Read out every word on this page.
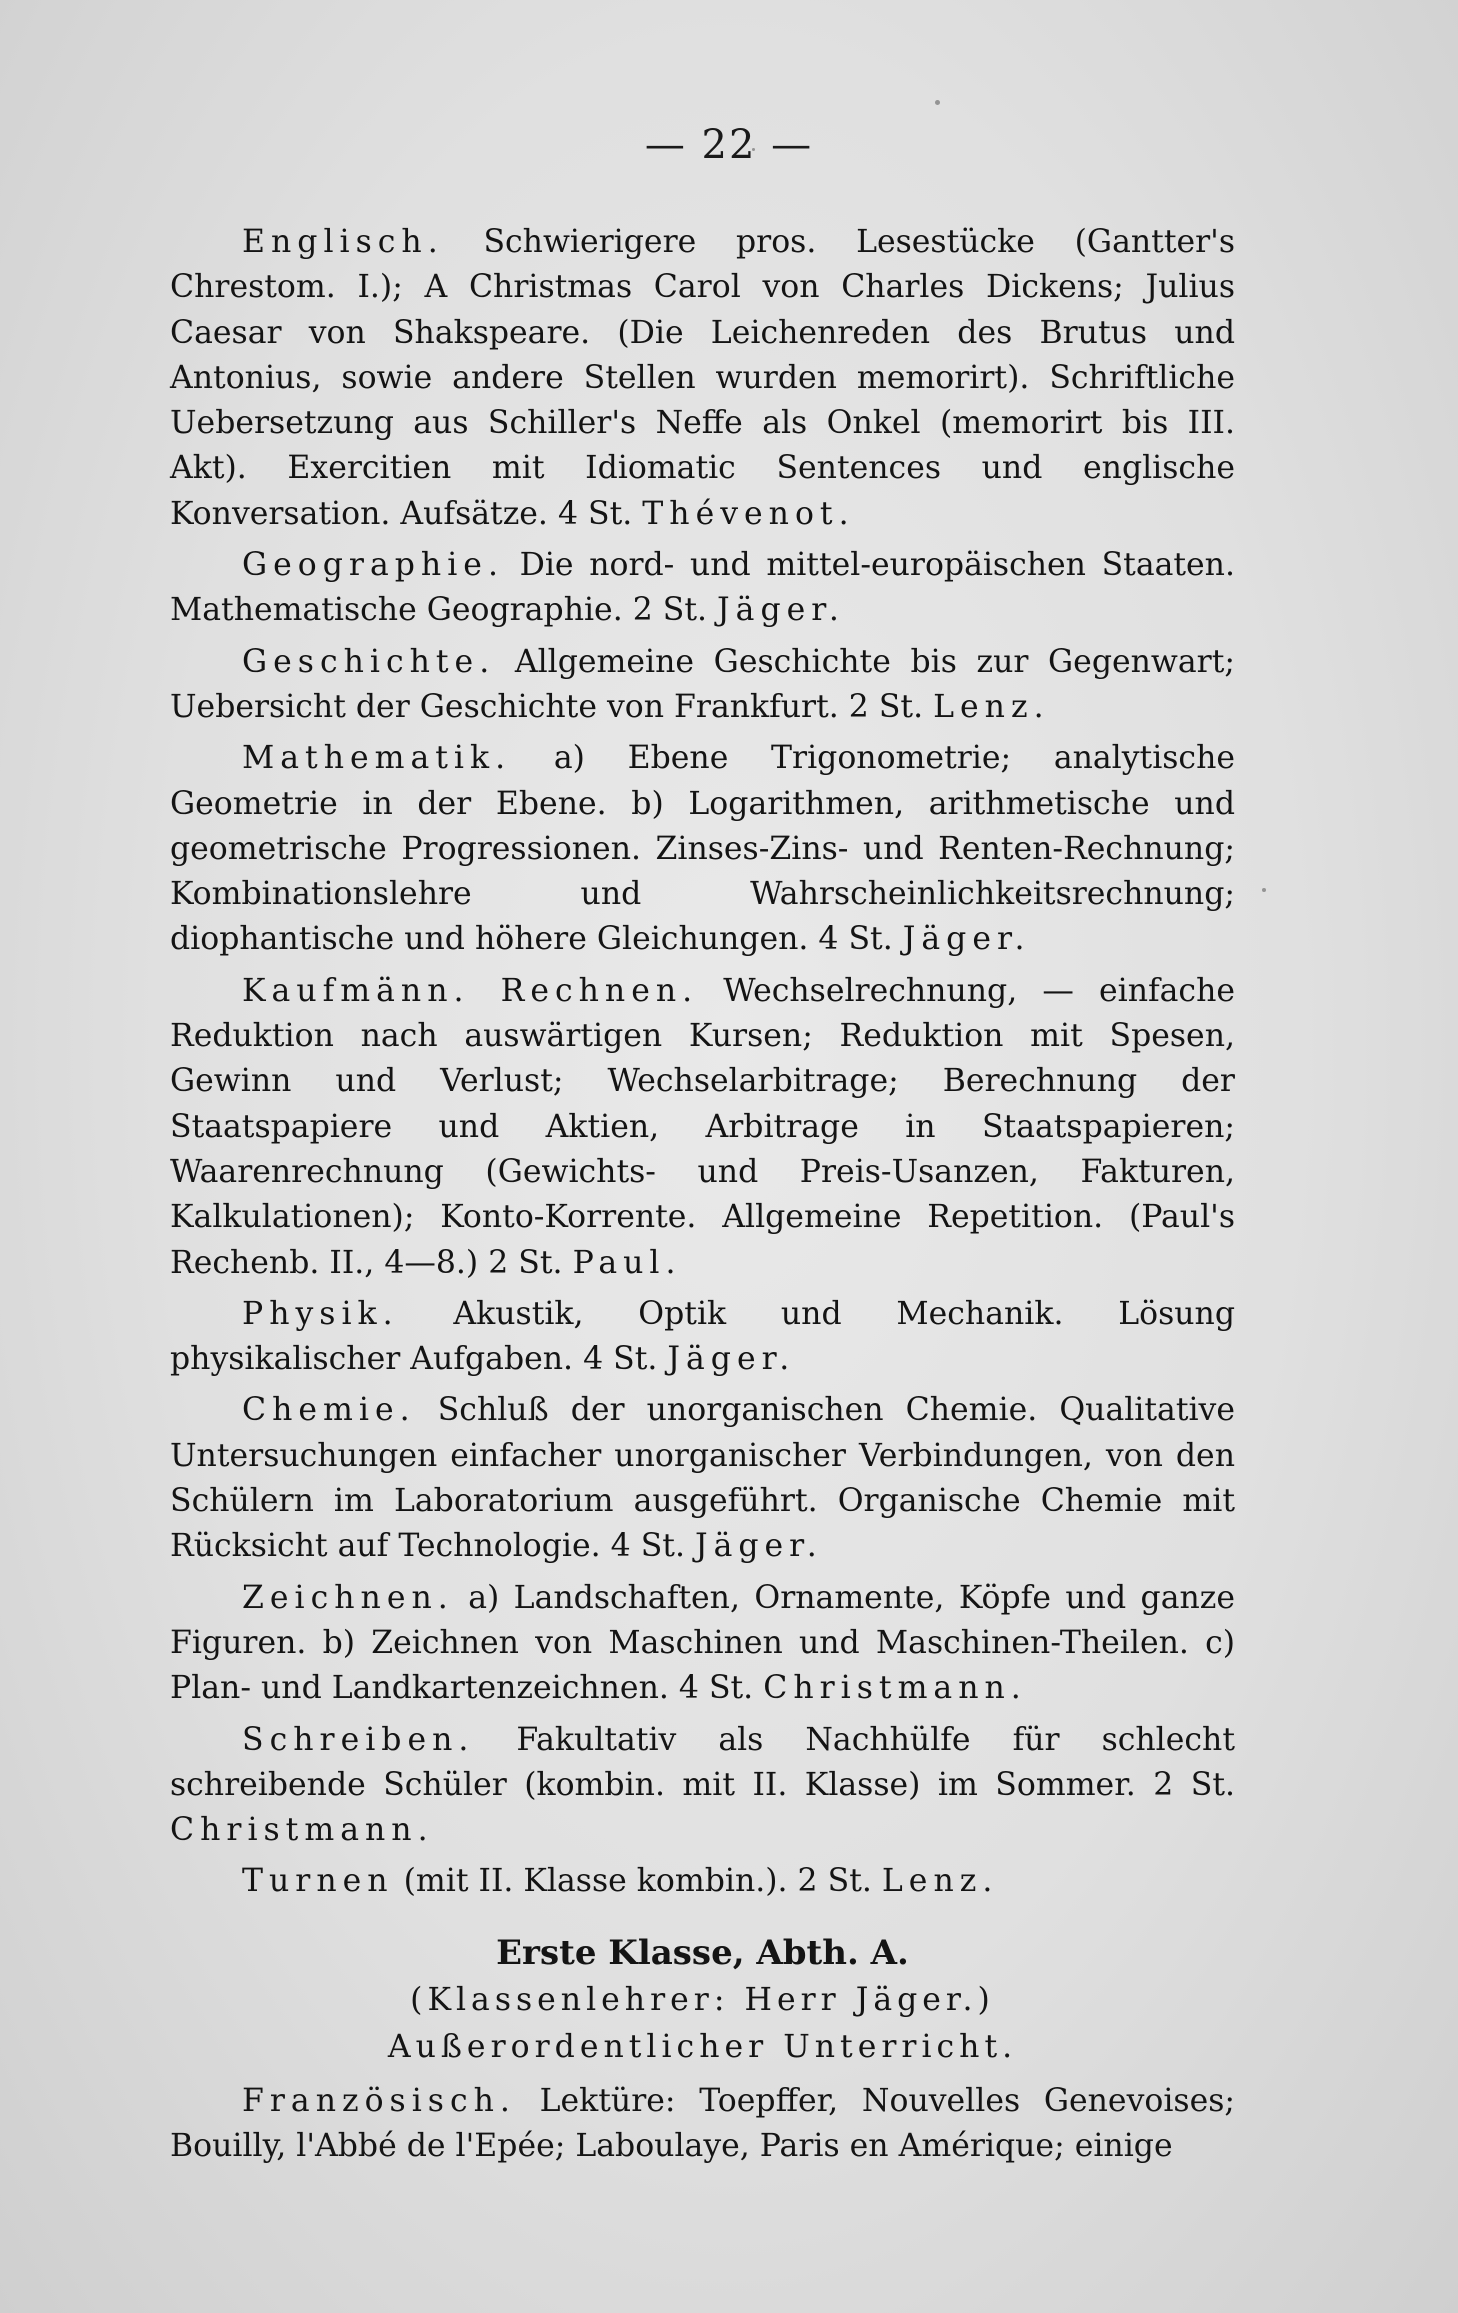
— 22 —

Englisch. Schwierigere pros. Lesestücke (Gantter's Chrestom. I.); A Christmas Carol von Charles Dickens; Julius Caesar von Shakspeare. (Die Leichenreden des Brutus und Antonius, sowie andere Stellen wurden memorirt). Schriftliche Uebersetzung aus Schiller's Neffe als Onkel (memorirt bis III. Akt). Exercitien mit Idiomatic Sentences und englische Konversation. Aufsätze. 4 St. Thévenot.

Geographie. Die nord- und mittel-europäischen Staaten. Mathematische Geographie. 2 St. Jäger.

Geschichte. Allgemeine Geschichte bis zur Gegenwart; Uebersicht der Geschichte von Frankfurt. 2 St. Lenz.

Mathematik. a) Ebene Trigonometrie; analytische Geometrie in der Ebene. b) Logarithmen, arithmetische und geometrische Progressionen. Zinses-Zins- und Renten-Rechnung; Kombinationslehre und Wahrscheinlichkeitsrechnung; diophantische und höhere Gleichungen. 4 St. Jäger.

Kaufmänn. Rechnen. Wechselrechnung, — einfache Reduktion nach auswärtigen Kursen; Reduktion mit Spesen, Gewinn und Verlust; Wechselarbitrage; Berechnung der Staatspapiere und Aktien, Arbitrage in Staatspapieren; Waarenrechnung (Gewichts- und Preis-Usanzen, Fakturen, Kalkulationen); Konto-Korrente. Allgemeine Repetition. (Paul's Rechenb. II., 4—8.) 2 St. Paul.

Physik. Akustik, Optik und Mechanik. Lösung physikalischer Aufgaben. 4 St. Jäger.

Chemie. Schluß der unorganischen Chemie. Qualitative Untersuchungen einfacher unorganischer Verbindungen, von den Schülern im Laboratorium ausgeführt. Organische Chemie mit Rücksicht auf Technologie. 4 St. Jäger.

Zeichnen. a) Landschaften, Ornamente, Köpfe und ganze Figuren. b) Zeichnen von Maschinen und Maschinen-Theilen. c) Plan- und Landkartenzeichnen. 4 St. Christmann.

Schreiben. Fakultativ als Nachhülfe für schlecht schreibende Schüler (kombin. mit II. Klasse) im Sommer. 2 St. Christmann.

Turnen (mit II. Klasse kombin.). 2 St. Lenz.

Erste Klasse, Abth. A.

(Klassenlehrer: Herr Jäger.)

Außerordentlicher Unterricht.

Französisch. Lektüre: Toepffer, Nouvelles Genevoises; Bouilly, l'Abbé de l'Epée; Laboulaye, Paris en Amérique; einige
